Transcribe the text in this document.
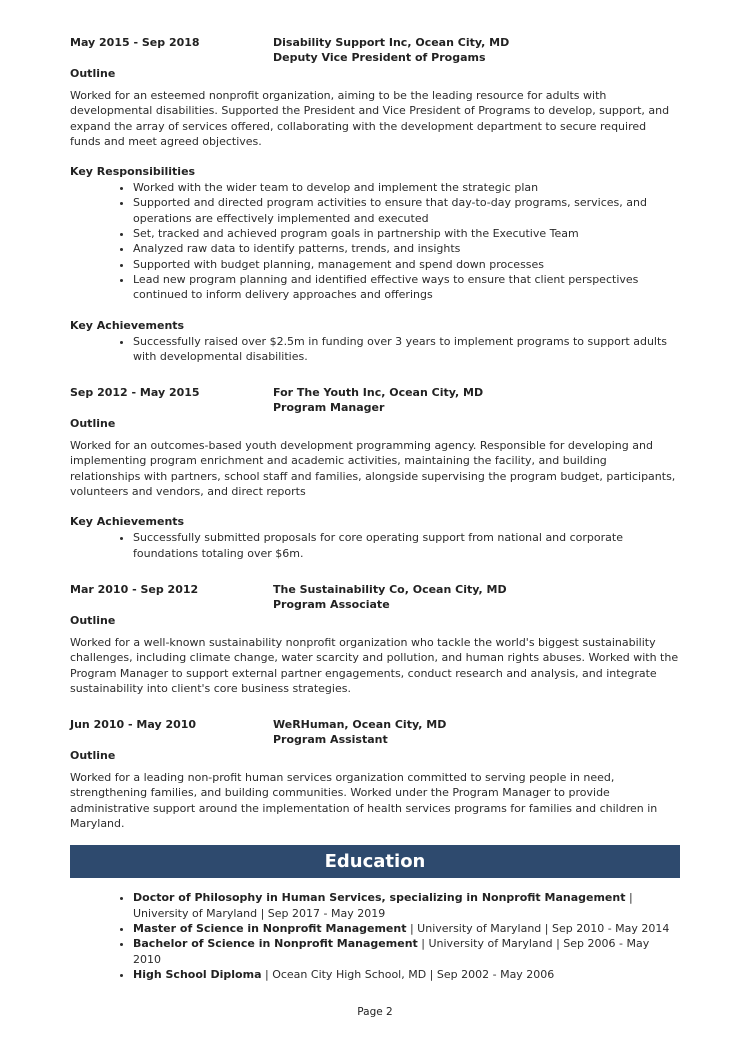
May 2015 - Sep 2018	Disability Support Inc, Ocean City, MD
Deputy Vice President of Progams
Outline
Worked for an esteemed nonprofit organization, aiming to be the leading resource for adults with developmental disabilities. Supported the President and Vice President of Programs to develop, support, and expand the array of services offered, collaborating with the development department to secure required funds and meet agreed objectives.
Key Responsibilities
• Worked with the wider team to develop and implement the strategic plan
• Supported and directed program activities to ensure that day-to-day programs, services, and operations are effectively implemented and executed
• Set, tracked and achieved program goals in partnership with the Executive Team
• Analyzed raw data to identify patterns, trends, and insights
• Supported with budget planning, management and spend down processes
• Lead new program planning and identified effective ways to ensure that client perspectives continued to inform delivery approaches and offerings
Key Achievements
• Successfully raised over $2.5m in funding over 3 years to implement programs to support adults with developmental disabilities.
Sep 2012 - May 2015	For The Youth Inc, Ocean City, MD
Program Manager
Outline
Worked for an outcomes-based youth development programming agency. Responsible for developing and implementing program enrichment and academic activities, maintaining the facility, and building relationships with partners, school staff and families, alongside supervising the program budget, participants, volunteers and vendors, and direct reports
Key Achievements
• Successfully submitted proposals for core operating support from national and corporate foundations totaling over $6m.
Mar 2010 - Sep 2012	The Sustainability Co, Ocean City, MD
Program Associate
Outline
Worked for a well-known sustainability nonprofit organization who tackle the world's biggest sustainability challenges, including climate change, water scarcity and pollution, and human rights abuses. Worked with the Program Manager to support external partner engagements, conduct research and analysis, and integrate sustainability into client's core business strategies.
Jun 2010 - May 2010	WeRHuman, Ocean City, MD
Program Assistant
Outline
Worked for a leading non-profit human services organization committed to serving people in need, strengthening families, and building communities. Worked under the Program Manager to provide administrative support around the implementation of health services programs for families and children in Maryland.
Education
• Doctor of Philosophy in Human Services, specializing in Nonprofit Management | University of Maryland | Sep 2017 - May 2019
• Master of Science in Nonprofit Management | University of Maryland | Sep 2010 - May 2014
• Bachelor of Science in Nonprofit Management | University of Maryland | Sep 2006 - May 2010
• High School Diploma | Ocean City High School, MD | Sep 2002 - May 2006
Page 2
